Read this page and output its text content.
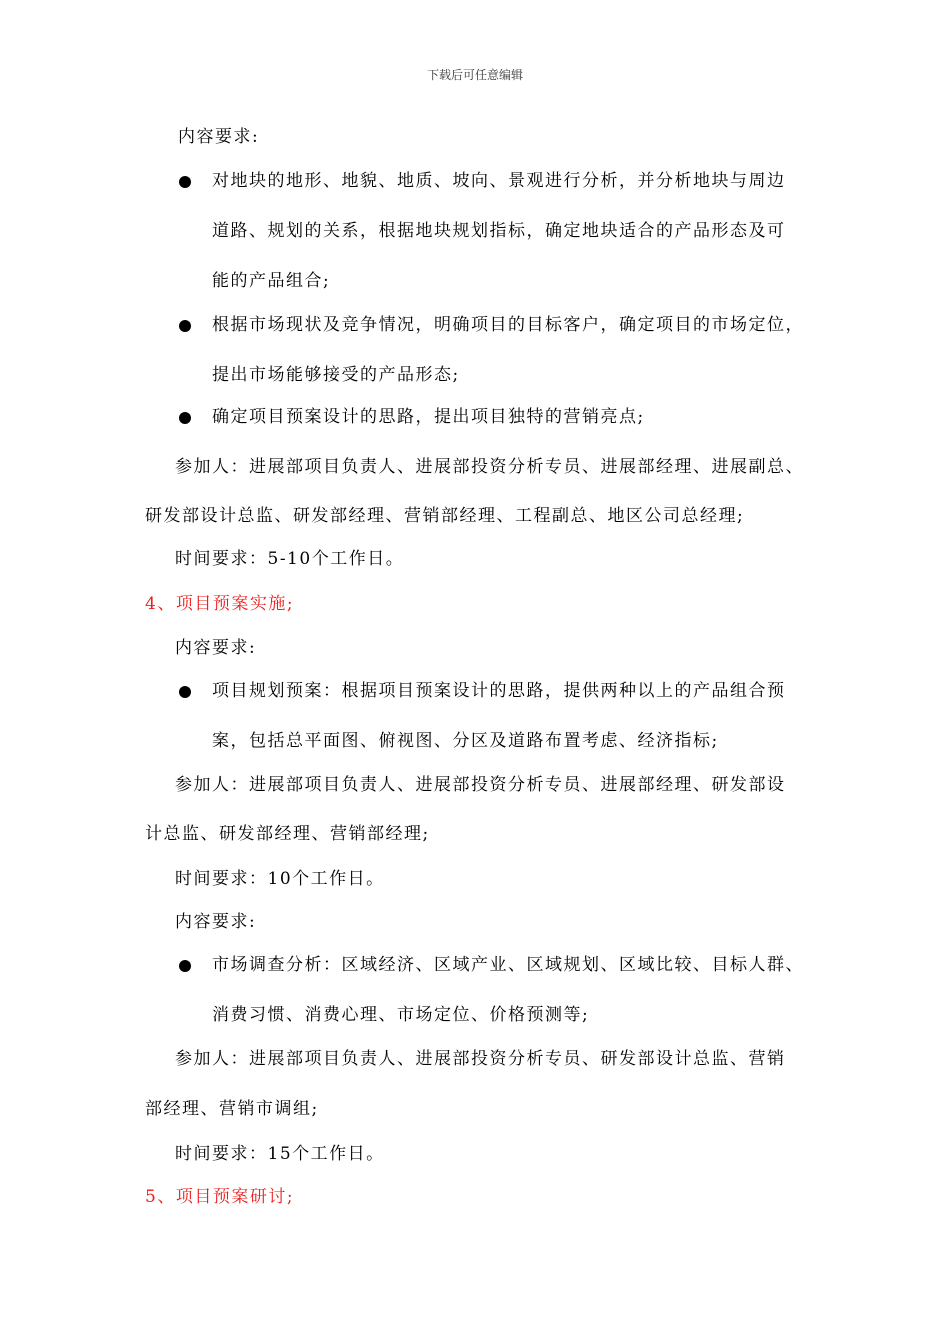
下载后可任意编辑
内容要求:
对地块的地形、地貌、地质、坡向、景观进行分析，并分析地块与周边
道路、规划的关系，根据地块规划指标，确定地块适合的产品形态及可
能的产品组合;
根据市场现状及竞争情况，明确项目的目标客户，确定项目的市场定位，
提出市场能够接受的产品形态;
确定项目预案设计的思路，提出项目独特的营销亮点;
参加人：进展部项目负责人、进展部投资分析专员、进展部经理、进展副总、
研发部设计总监、研发部经理、营销部经理、工程副总、地区公司总经理;
时间要求：5-10个工作日。
4、项目预案实施;
内容要求:
项目规划预案：根据项目预案设计的思路，提供两种以上的产品组合预
案，包括总平面图、俯视图、分区及道路布置考虑、经济指标;
参加人：进展部项目负责人、进展部投资分析专员、进展部经理、研发部设
计总监、研发部经理、营销部经理;
时间要求：10个工作日。
内容要求:
市场调查分析：区域经济、区域产业、区域规划、区域比较、目标人群、
消费习惯、消费心理、市场定位、价格预测等;
参加人：进展部项目负责人、进展部投资分析专员、研发部设计总监、营销
部经理、营销市调组;
时间要求：15个工作日。
5、项目预案研讨;
